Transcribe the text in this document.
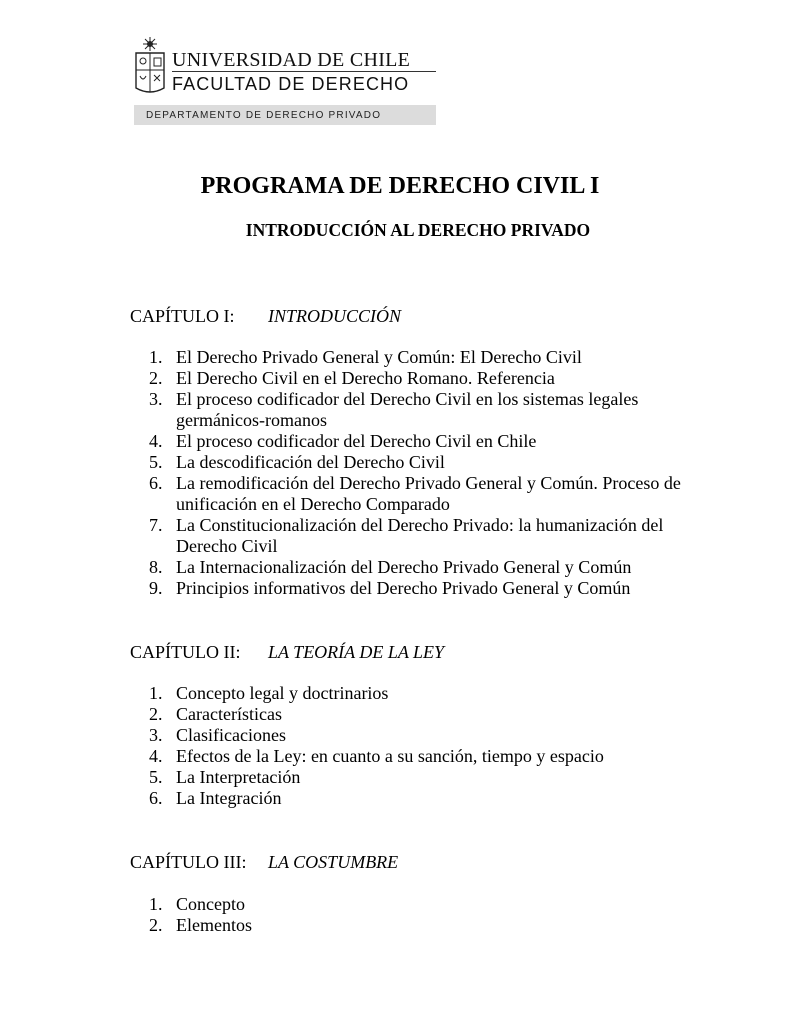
UNIVERSIDAD DE CHILE
FACULTAD DE DERECHO
DEPARTAMENTO DE DERECHO PRIVADO
PROGRAMA DE DERECHO CIVIL I
INTRODUCCIÓN AL DERECHO PRIVADO
CAPÍTULO I: INTRODUCCIÓN
1. El Derecho Privado General y Común: El Derecho Civil
2. El Derecho Civil en el Derecho Romano. Referencia
3. El proceso codificador del Derecho Civil en los sistemas legales germánicos-romanos
4. El proceso codificador del Derecho Civil en Chile
5. La descodificación del Derecho Civil
6. La remodificación del Derecho Privado General y Común. Proceso de unificación en el Derecho Comparado
7. La Constitucionalización del Derecho Privado: la humanización del Derecho Civil
8. La Internacionalización del Derecho Privado General y Común
9. Principios informativos del Derecho Privado General y Común
CAPÍTULO II: LA TEORÍA DE LA LEY
1. Concepto legal y doctrinarios
2. Características
3. Clasificaciones
4. Efectos de la Ley: en cuanto a su sanción, tiempo y espacio
5. La Interpretación
6. La Integración
CAPÍTULO III: LA COSTUMBRE
1. Concepto
2. Elementos
